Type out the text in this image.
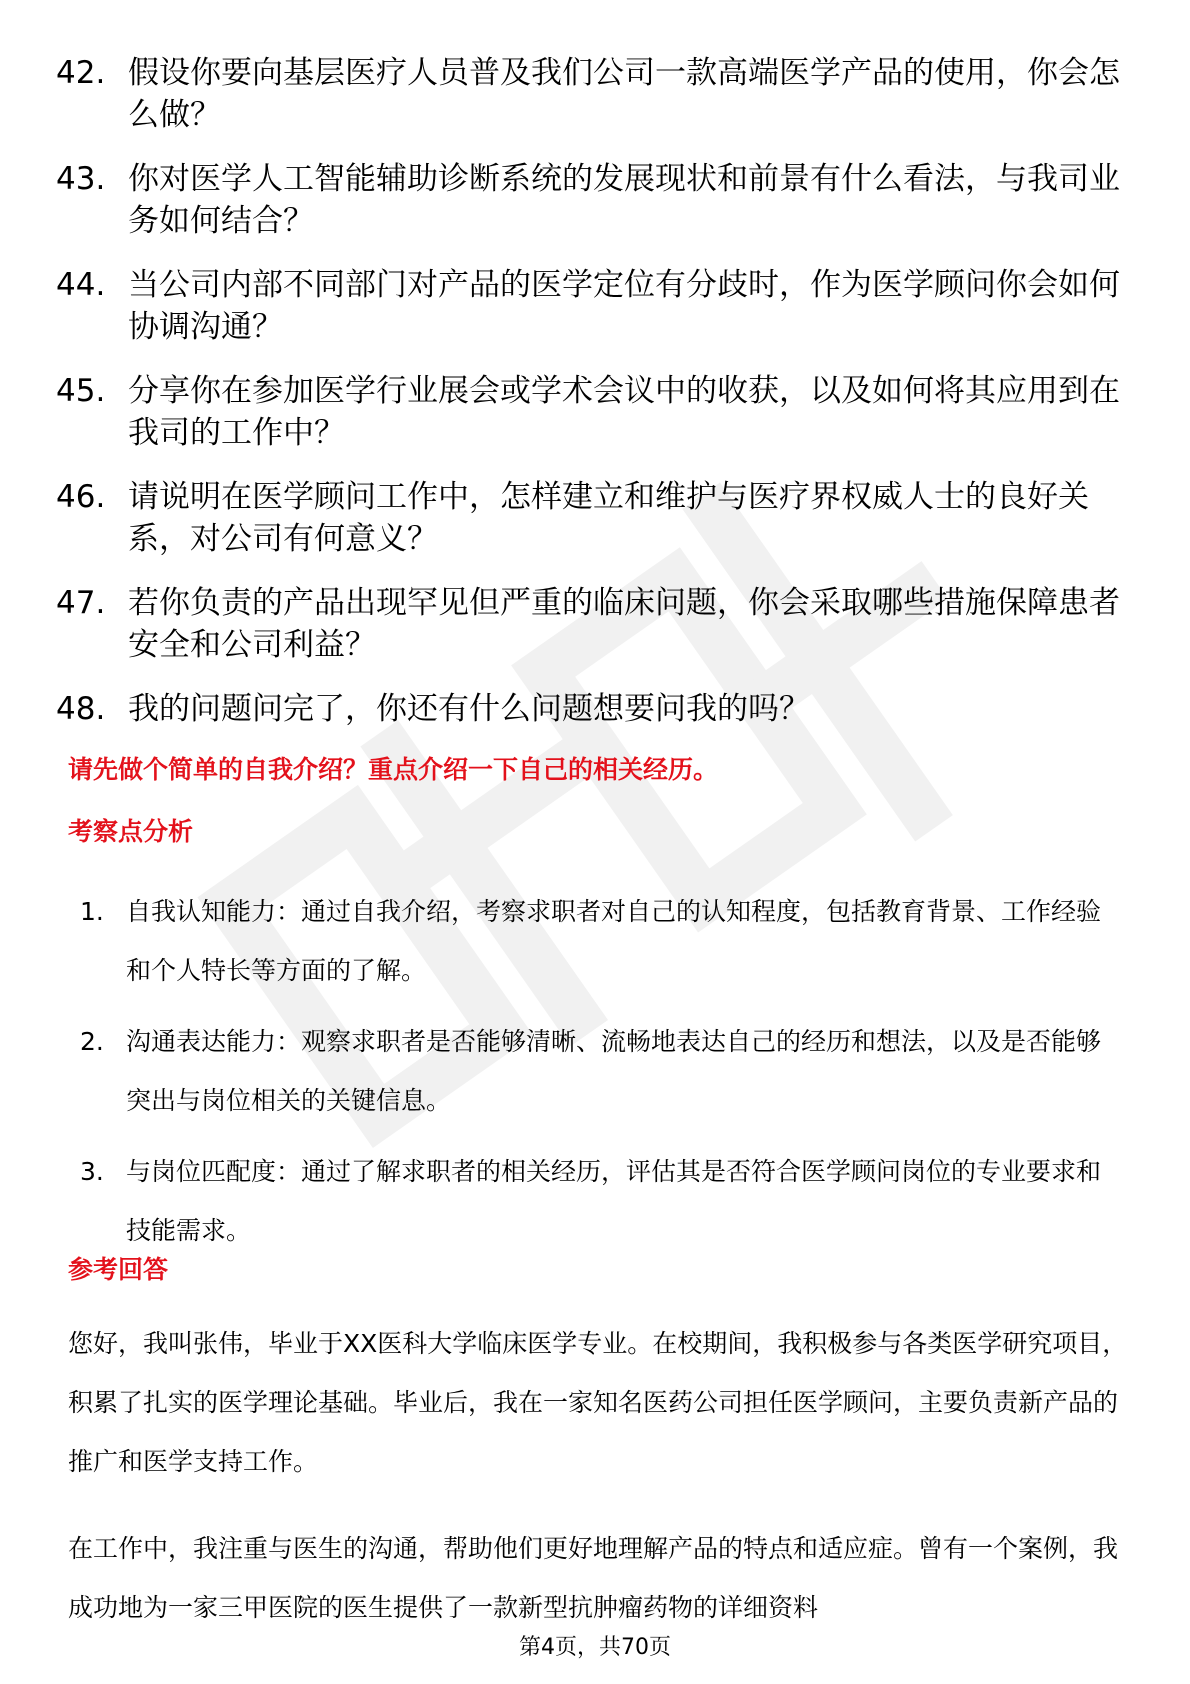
42. 假设你要向基层医疗人员普及我们公司一款高端医学产品的使用，你会怎么做？
43. 你对医学人工智能辅助诊断系统的发展现状和前景有什么看法，与我司业务如何结合？
44. 当公司内部不同部门对产品的医学定位有分歧时，作为医学顾问你会如何协调沟通？
45. 分享你在参加医学行业展会或学术会议中的收获，以及如何将其应用到在我司的工作中？
46. 请说明在医学顾问工作中，怎样建立和维护与医疗界权威人士的良好关系，对公司有何意义？
47. 若你负责的产品出现罕见但严重的临床问题，你会采取哪些措施保障患者安全和公司利益？
48. 我的问题问完了，你还有什么问题想要问我的吗？
请先做个简单的自我介绍？重点介绍一下自己的相关经历。
考察点分析
1. 自我认知能力：通过自我介绍，考察求职者对自己的认知程度，包括教育背景、工作经验和个人特长等方面的了解。
2. 沟通表达能力：观察求职者是否能够清晰、流畅地表达自己的经历和想法，以及是否能够突出与岗位相关的关键信息。
3. 与岗位匹配度：通过了解求职者的相关经历，评估其是否符合医学顾问岗位的专业要求和技能需求。
参考回答
您好，我叫张伟，毕业于XX医科大学临床医学专业。在校期间，我积极参与各类医学研究项目，积累了扎实的医学理论基础。毕业后，我在一家知名医药公司担任医学顾问，主要负责新产品的推广和医学支持工作。
在工作中，我注重与医生的沟通，帮助他们更好地理解产品的特点和适应症。曾有一个案例，我成功地为一家三甲医院的医生提供了一款新型抗肿瘤药物的详细资料
第4页，共70页
